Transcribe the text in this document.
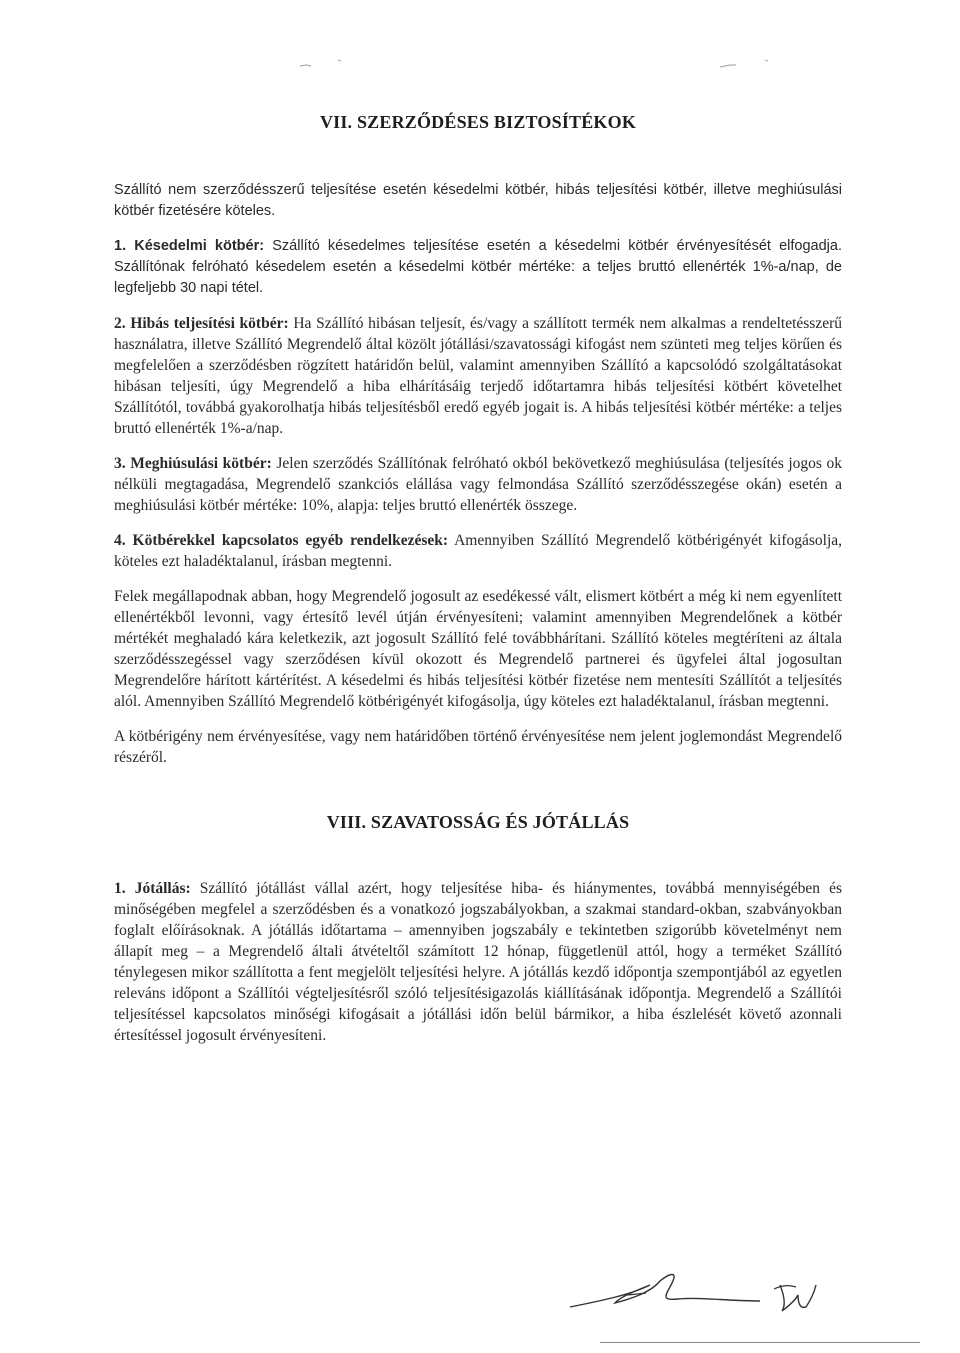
VII. SZERZŐDÉSES BIZTOSÍTÉKOK

Szállító nem szerződésszerű teljesítése esetén késedelmi kötbér, hibás teljesítési kötbér, illetve meghiúsulási kötbér fizetésére köteles.

1. Késedelmi kötbér: Szállító késedelmes teljesítése esetén a késedelmi kötbér érvényesítését elfogadja. Szállítónak felróható késedelem esetén a késedelmi kötbér mértéke: a teljes bruttó ellenérték 1%-a/nap, de legfeljebb 30 napi tétel.

2. Hibás teljesítési kötbér: Ha Szállító hibásan teljesít, és/vagy a szállított termék nem alkalmas a rendeltetésszerű használatra, illetve Szállító Megrendelő által közölt jótállási/szavatossági kifogást nem szünteti meg teljes körűen és megfelelően a szerződésben rögzített határidőn belül, valamint amennyiben Szállító a kapcsolódó szolgáltatásokat hibásan teljesíti, úgy Megrendelő a hiba elhárításáig terjedő időtartamra hibás teljesítési kötbért követelhet Szállítótól, továbbá gyakorolhatja hibás teljesítésből eredő egyéb jogait is. A hibás teljesítési kötbér mértéke: a teljes bruttó ellenérték 1%-a/nap.

3. Meghiúsulási kötbér: Jelen szerződés Szállítónak felróható okból bekövetkező meghiúsulása (teljesítés jogos ok nélküli megtagadása, Megrendelő szankciós elállása vagy felmondása Szállító szerződésszegése okán) esetén a meghiúsulási kötbér mértéke: 10%, alapja: teljes bruttó ellenérték összege.

4. Kötbérekkel kapcsolatos egyéb rendelkezések: Amennyiben Szállító Megrendelő kötbérigényét kifogásolja, köteles ezt haladéktalanul, írásban megtenni.

Felek megállapodnak abban, hogy Megrendelő jogosult az esedékessé vált, elismert kötbért a még ki nem egyenlített ellenértékből levonni, vagy értesítő levél útján érvényesíteni; valamint amennyiben Megrendelőnek a kötbér mértékét meghaladó kára keletkezik, azt jogosult Szállító felé továbbhárítani. Szállító köteles megtéríteni az általa szerződésszegéssel vagy szerződésen kívül okozott és Megrendelő partnerei és ügyfelei által jogosultan Megrendelőre hárított kártérítést. A késedelmi és hibás teljesítési kötbér fizetése nem mentesíti Szállítót a teljesítés alól. Amennyiben Szállító Megrendelő kötbérigényét kifogásolja, úgy köteles ezt haladéktalanul, írásban megtenni.

A kötbérigény nem érvényesítése, vagy nem határidőben történő érvényesítése nem jelent joglemondást Megrendelő részéről.

VIII. SZAVATOSSÁG ÉS JÓTÁLLÁS

1. Jótállás: Szállító jótállást vállal azért, hogy teljesítése hiba- és hiánymentes, továbbá mennyiségében és minőségében megfelel a szerződésben és a vonatkozó jogszabályokban, a szakmai standard-okban, szabványokban foglalt előírásoknak. A jótállás időtartama – amennyiben jogszabály e tekintetben szigorúbb követelményt nem állapít meg – a Megrendelő általi átvételtől számított 12 hónap, függetlenül attól, hogy a terméket Szállító ténylegesen mikor szállította a fent megjelölt teljesítési helyre. A jótállás kezdő időpontja szempontjából az egyetlen releváns időpont a Szállítói végteljesítésről szóló teljesítésigazolás kiállításának időpontja. Megrendelő a Szállítói teljesítéssel kapcsolatos minőségi kifogásait a jótállási időn belül bármikor, a hiba észlelését követő azonnali értesítéssel jogosult érvényesíteni.
